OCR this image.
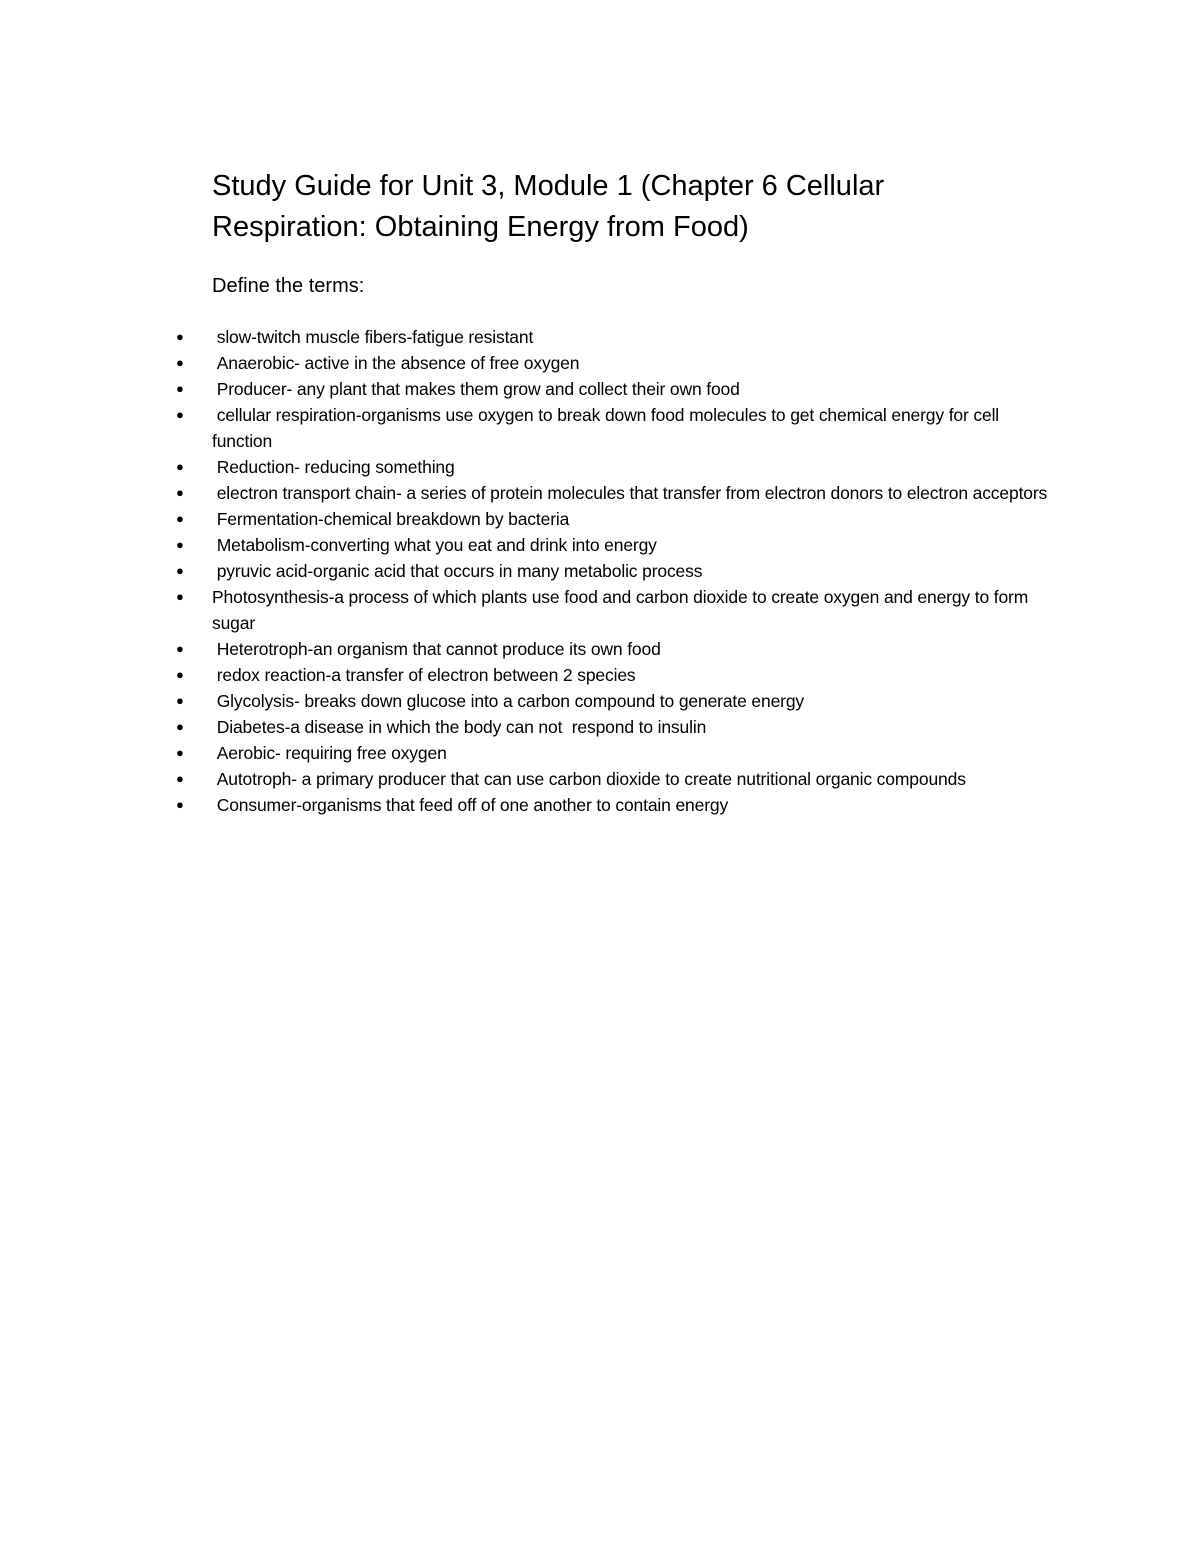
Study Guide for Unit 3, Module 1 (Chapter 6 Cellular Respiration: Obtaining Energy from Food)

Define the terms:

● slow-twitch muscle fibers-fatigue resistant
● Anaerobic- active in the absence of free oxygen
● Producer- any plant that makes them grow and collect their own food
● cellular respiration-organisms use oxygen to break down food molecules to get chemical energy for cell function
● Reduction- reducing something
● electron transport chain- a series of protein molecules that transfer from electron donors to electron acceptors
● Fermentation-chemical breakdown by bacteria
● Metabolism-converting what you eat and drink into energy
● pyruvic acid-organic acid that occurs in many metabolic process
● Photosynthesis-a process of which plants use food and carbon dioxide to create oxygen and energy to form sugar
● Heterotroph-an organism that cannot produce its own food
● redox reaction-a transfer of electron between 2 species
● Glycolysis- breaks down glucose into a carbon compound to generate energy
● Diabetes-a disease in which the body can not  respond to insulin
● Aerobic- requiring free oxygen
● Autotroph- a primary producer that can use carbon dioxide to create nutritional organic compounds
● Consumer-organisms that feed off of one another to contain energy
